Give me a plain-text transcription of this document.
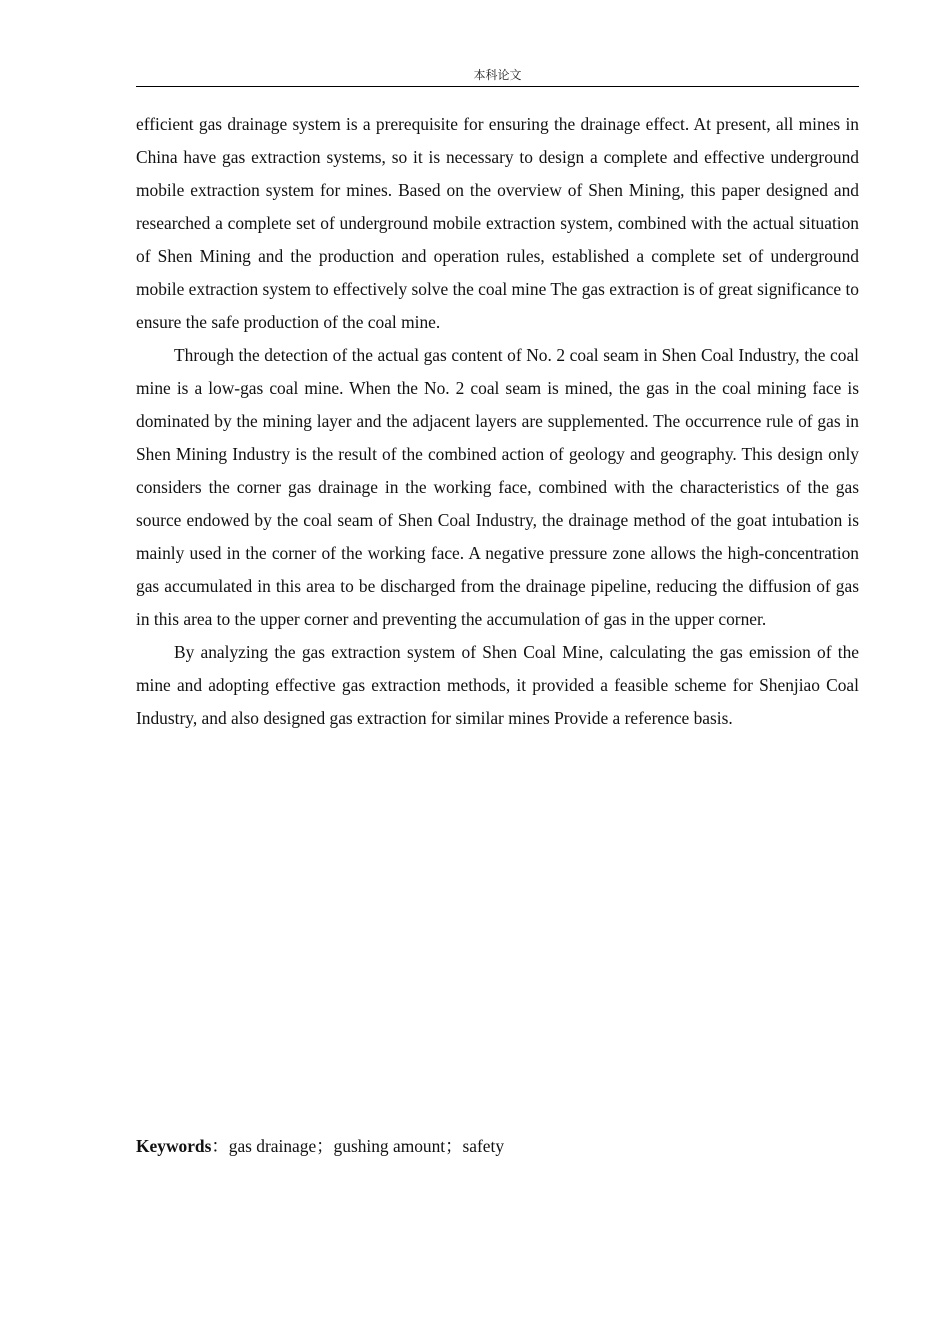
本科论文

efficient gas drainage system is a prerequisite for ensuring the drainage effect. At present, all mines in China have gas extraction systems, so it is necessary to design a complete and effective underground mobile extraction system for mines. Based on the overview of Shen Mining, this paper designed and researched a complete set of underground mobile extraction system, combined with the actual situation of Shen Mining and the production and operation rules, established a complete set of underground mobile extraction system to effectively solve the coal mine The gas extraction is of great significance to ensure the safe production of the coal mine.

Through the detection of the actual gas content of No. 2 coal seam in Shen Coal Industry, the coal mine is a low-gas coal mine. When the No. 2 coal seam is mined, the gas in the coal mining face is dominated by the mining layer and the adjacent layers are supplemented. The occurrence rule of gas in Shen Mining Industry is the result of the combined action of geology and geography. This design only considers the corner gas drainage in the working face, combined with the characteristics of the gas source endowed by the coal seam of Shen Coal Industry, the drainage method of the goat intubation is mainly used in the corner of the working face. A negative pressure zone allows the high-concentration gas accumulated in this area to be discharged from the drainage pipeline, reducing the diffusion of gas in this area to the upper corner and preventing the accumulation of gas in the upper corner.

By analyzing the gas extraction system of Shen Coal Mine, calculating the gas emission of the mine and adopting effective gas extraction methods, it provided a feasible scheme for Shenjiao Coal Industry, and also designed gas extraction for similar mines Provide a reference basis.

Keywords：gas drainage；gushing amount；safety
